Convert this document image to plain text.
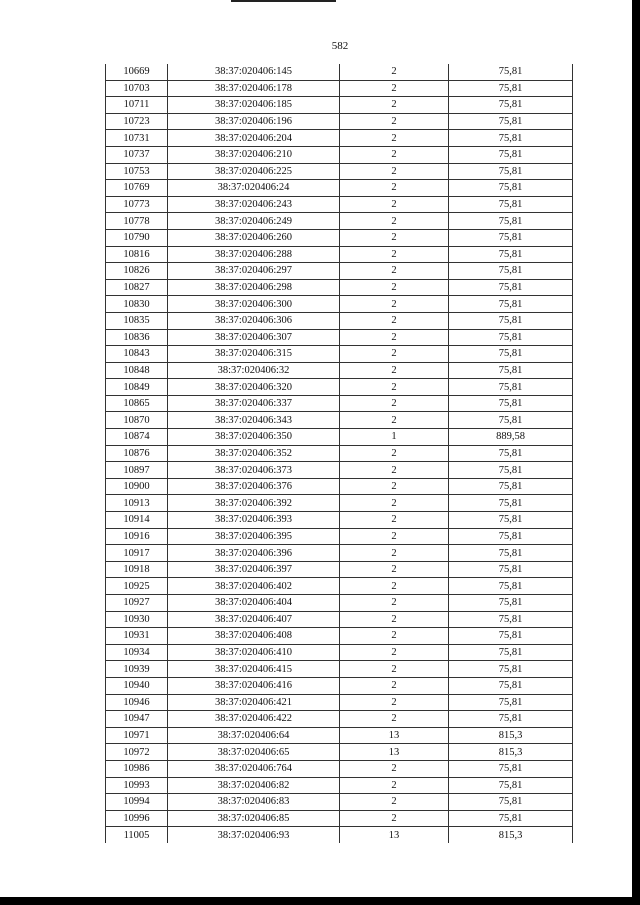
582
10669	38:37:020406:145	2	75,81
10703	38:37:020406:178	2	75,81
10711	38:37:020406:185	2	75,81
10723	38:37:020406:196	2	75,81
10731	38:37:020406:204	2	75,81
10737	38:37:020406:210	2	75,81
10753	38:37:020406:225	2	75,81
10769	38:37:020406:24	2	75,81
10773	38:37:020406:243	2	75,81
10778	38:37:020406:249	2	75,81
10790	38:37:020406:260	2	75,81
10816	38:37:020406:288	2	75,81
10826	38:37:020406:297	2	75,81
10827	38:37:020406:298	2	75,81
10830	38:37:020406:300	2	75,81
10835	38:37:020406:306	2	75,81
10836	38:37:020406:307	2	75,81
10843	38:37:020406:315	2	75,81
10848	38:37:020406:32	2	75,81
10849	38:37:020406:320	2	75,81
10865	38:37:020406:337	2	75,81
10870	38:37:020406:343	2	75,81
10874	38:37:020406:350	1	889,58
10876	38:37:020406:352	2	75,81
10897	38:37:020406:373	2	75,81
10900	38:37:020406:376	2	75,81
10913	38:37:020406:392	2	75,81
10914	38:37:020406:393	2	75,81
10916	38:37:020406:395	2	75,81
10917	38:37:020406:396	2	75,81
10918	38:37:020406:397	2	75,81
10925	38:37:020406:402	2	75,81
10927	38:37:020406:404	2	75,81
10930	38:37:020406:407	2	75,81
10931	38:37:020406:408	2	75,81
10934	38:37:020406:410	2	75,81
10939	38:37:020406:415	2	75,81
10940	38:37:020406:416	2	75,81
10946	38:37:020406:421	2	75,81
10947	38:37:020406:422	2	75,81
10971	38:37:020406:64	13	815,3
10972	38:37:020406:65	13	815,3
10986	38:37:020406:764	2	75,81
10993	38:37:020406:82	2	75,81
10994	38:37:020406:83	2	75,81
10996	38:37:020406:85	2	75,81
11005	38:37:020406:93	13	815,3
